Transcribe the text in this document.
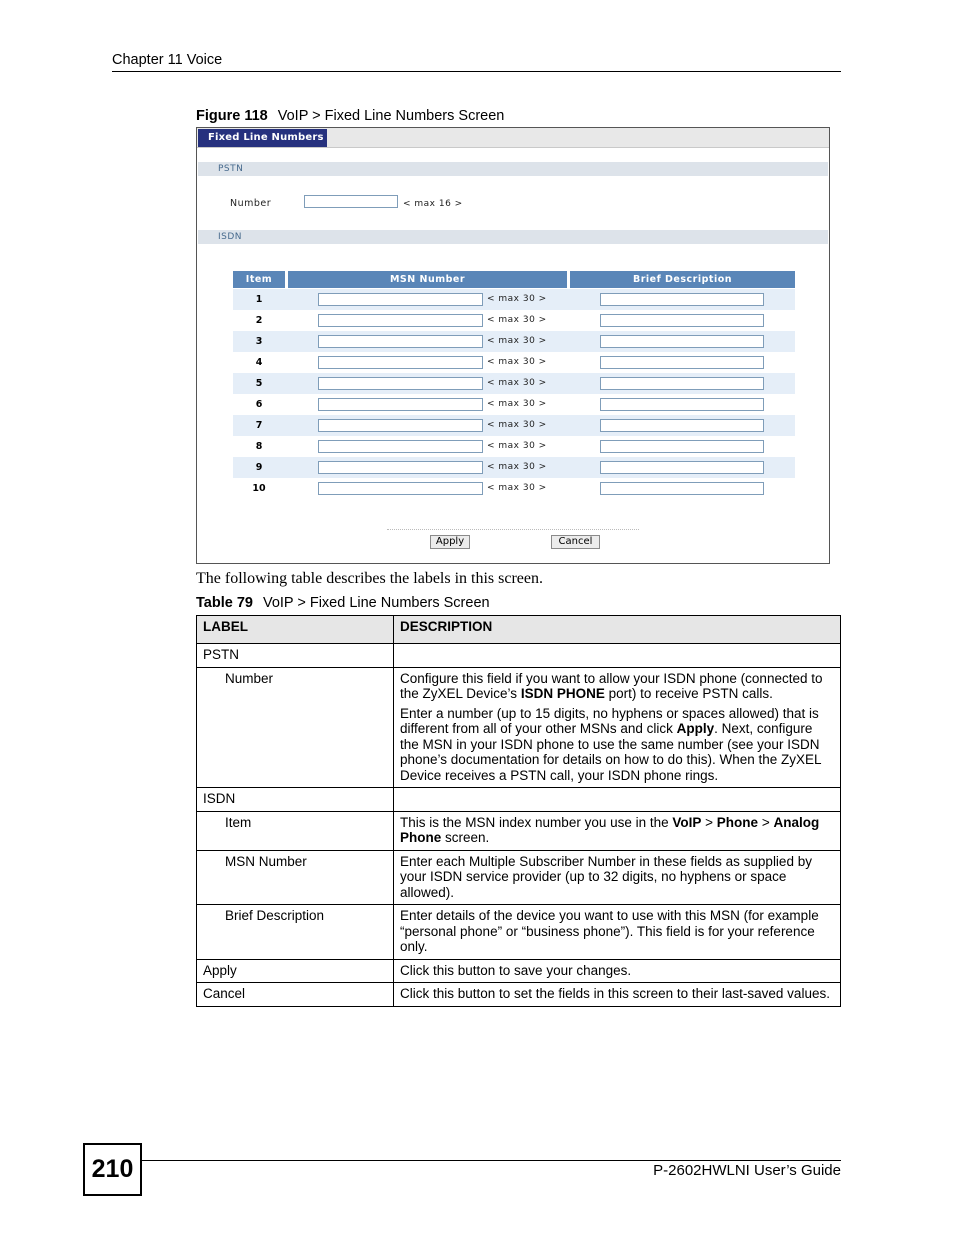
Chapter 11 Voice
Figure 118 VoIP > Fixed Line Numbers Screen
Fixed Line Numbers
PSTN
Number	< max 16 >
ISDN
Item	MSN Number	Brief Description
1	< max 30 >
2	< max 30 >
3	< max 30 >
4	< max 30 >
5	< max 30 >
6	< max 30 >
7	< max 30 >
8	< max 30 >
9	< max 30 >
10	< max 30 >
Apply	Cancel
The following table describes the labels in this screen.
Table 79 VoIP > Fixed Line Numbers Screen
LABEL	DESCRIPTION
PSTN	
Number	Configure this field if you want to allow your ISDN phone (connected to the ZyXEL Device’s ISDN PHONE port) to receive PSTN calls.

Enter a number (up to 15 digits, no hyphens or spaces allowed) that is different from all of your other MSNs and click Apply. Next, configure the MSN in your ISDN phone to use the same number (see your ISDN phone’s documentation for details on how to do this). When the ZyXEL Device receives a PSTN call, your ISDN phone rings.

ISDN	
Item	This is the MSN index number you use in the VoIP > Phone > Analog Phone screen.
MSN Number	Enter each Multiple Subscriber Number in these fields as supplied by your ISDN service provider (up to 32 digits, no hyphens or space allowed).
Brief Description	Enter details of the device you want to use with this MSN (for example “personal phone” or “business phone”). This field is for your reference only.
Apply	Click this button to save your changes.
Cancel	Click this button to set the fields in this screen to their last-saved values.
210	P-2602HWLNI User’s Guide
